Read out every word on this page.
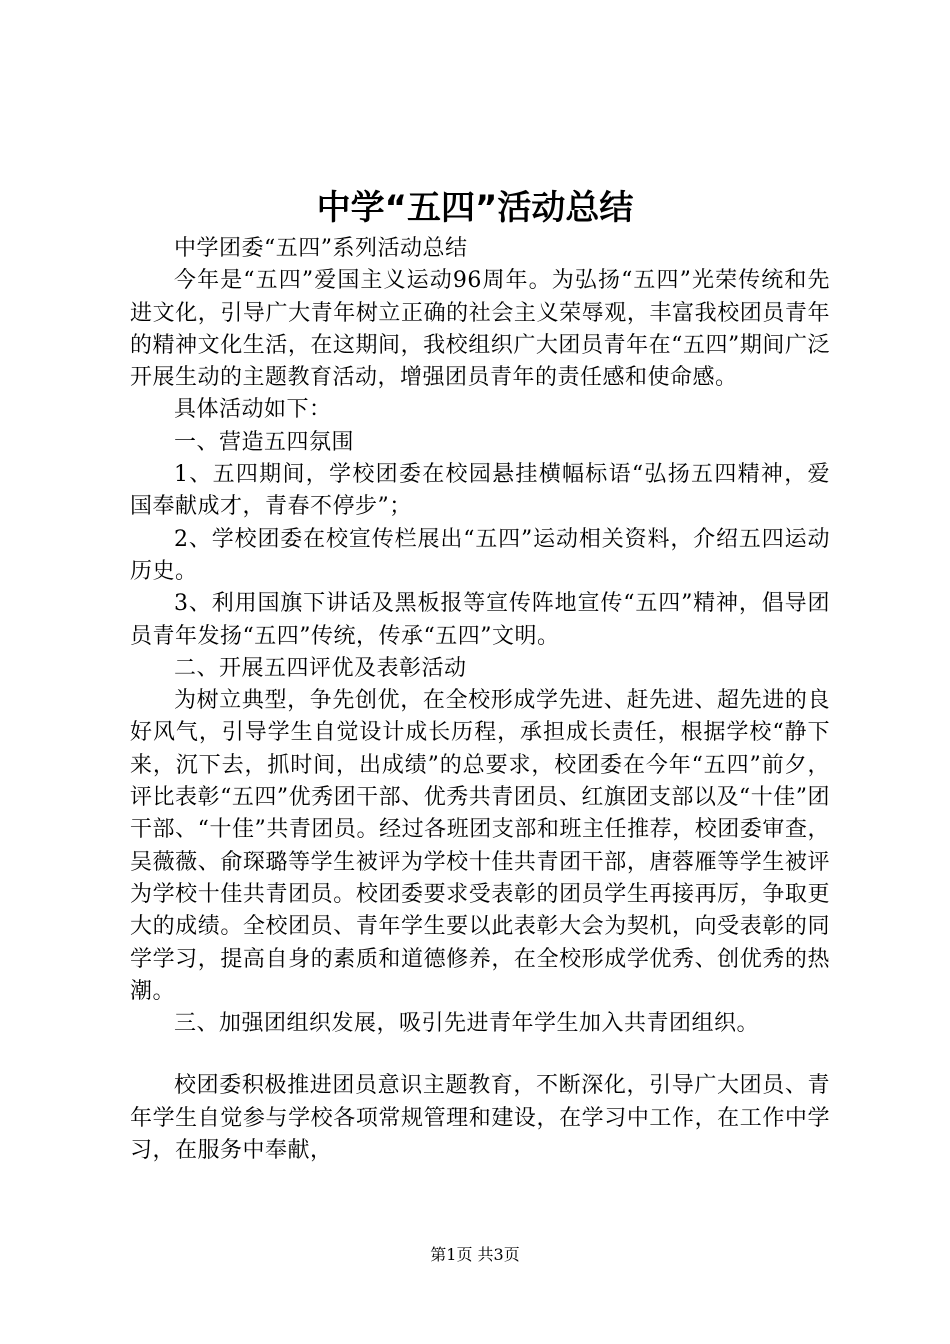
中学“五四”活动总结

中学团委“五四”系列活动总结

今年是“五四”爱国主义运动96周年。为弘扬“五四”光荣传统和先进文化，引导广大青年树立正确的社会主义荣辱观，丰富我校团员青年的精神文化生活，在这期间，我校组织广大团员青年在“五四”期间广泛开展生动的主题教育活动，增强团员青年的责任感和使命感。

具体活动如下：

一、营造五四氛围

1、五四期间，学校团委在校园悬挂横幅标语“弘扬五四精神，爱国奉献成才，青春不停步”；

2、学校团委在校宣传栏展出“五四”运动相关资料，介绍五四运动历史。

3、利用国旗下讲话及黑板报等宣传阵地宣传“五四”精神，倡导团员青年发扬“五四”传统，传承“五四”文明。

二、开展五四评优及表彰活动

为树立典型，争先创优，在全校形成学先进、赶先进、超先进的良好风气，引导学生自觉设计成长历程，承担成长责任，根据学校“静下来，沉下去，抓时间，出成绩”的总要求，校团委在今年“五四”前夕，评比表彰“五四”优秀团干部、优秀共青团员、红旗团支部以及“十佳”团干部、“十佳”共青团员。经过各班团支部和班主任推荐，校团委审查，吴薇薇、俞琛璐等学生被评为学校十佳共青团干部，唐蓉雁等学生被评为学校十佳共青团员。校团委要求受表彰的团员学生再接再厉，争取更大的成绩。全校团员、青年学生要以此表彰大会为契机，向受表彰的同学学习，提高自身的素质和道德修养，在全校形成学优秀、创优秀的热潮。

三、加强团组织发展，吸引先进青年学生加入共青团组织。

校团委积极推进团员意识主题教育，不断深化，引导广大团员、青年学生自觉参与学校各项常规管理和建设，在学习中工作，在工作中学习，在服务中奉献，

第1页 共3页
